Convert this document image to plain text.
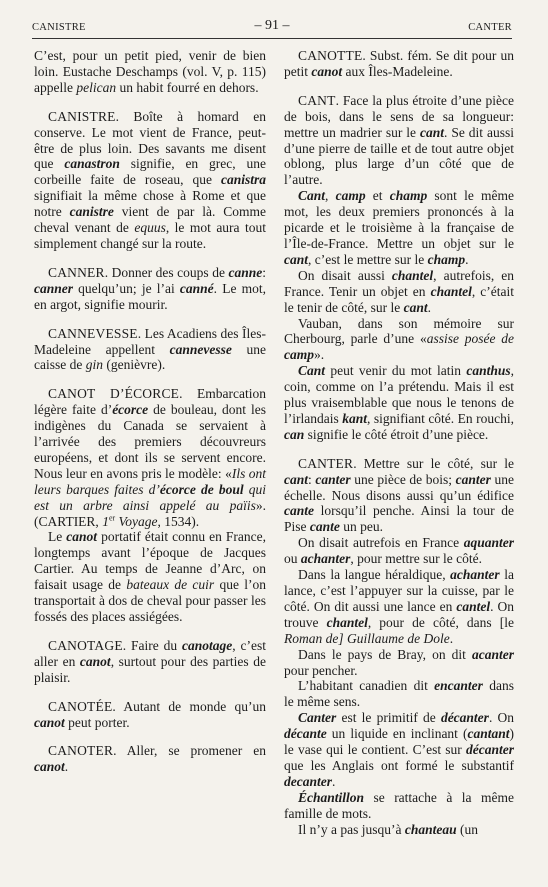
CANISTRE	– 91 –	CANTER

C’est, pour un petit pied, venir de bien loin. Eustache Deschamps (vol. V, p. 115) appelle pelican un habit fourré en dehors.

CANISTRE. Boîte à homard en conserve. Le mot vient de France, peut-être de plus loin. Des savants me disent que canastron signifie, en grec, une corbeille faite de roseau, que canistra signifiait la même chose à Rome et que notre canistre vient de par là. Comme cheval venant de equus, le mot aura tout simplement changé sur la route.

CANNER. Donner des coups de canne: canner quelqu’un; je l’ai canné. Le mot, en argot, signifie mourir.

CANNEVESSE. Les Acadiens des Îles-Madeleine appellent cannevesse une caisse de gin (genièvre).

CANOT D’ÉCORCE. Embarcation légère faite d’écorce de bouleau, dont les indigènes du Canada se servaient à l’arrivée des premiers découvreurs européens, et dont ils se servent encore. Nous leur en avons pris le modèle: «Ils ont leurs barques faites d’écorce de boul qui est un arbre ainsi appelé au païis». (CARTIER, 1er Voyage, 1534).

Le canot portatif était connu en France, longtemps avant l’époque de Jacques Cartier. Au temps de Jeanne d’Arc, on faisait usage de bateaux de cuir que l’on transportait à dos de cheval pour passer les fossés des places assiégées.

CANOTAGE. Faire du canotage, c’est aller en canot, surtout pour des parties de plaisir.

CANOTÉE. Autant de monde qu’un canot peut porter.

CANOTER. Aller, se promener en canot.

CANOTTE. Subst. fém. Se dit pour un petit canot aux Îles-Madeleine.

CANT. Face la plus étroite d’une pièce de bois, dans le sens de sa longueur: mettre un madrier sur le cant. Se dit aussi d’une pierre de taille et de tout autre objet oblong, plus large d’un côté que de l’autre.

Cant, camp et champ sont le même mot, les deux premiers prononcés à la picarde et le troisième à la française de l’Île-de-France. Mettre un objet sur le cant, c’est le mettre sur le champ.

On disait aussi chantel, autrefois, en France. Tenir un objet en chantel, c’était le tenir de côté, sur le cant.

Vauban, dans son mémoire sur Cherbourg, parle d’une «assise posée de camp».

Cant peut venir du mot latin canthus, coin, comme on l’a prétendu. Mais il est plus vraisemblable que nous le tenons de l’irlandais kant, signifiant côté. En rouchi, can signifie le côté étroit d’une pièce.

CANTER. Mettre sur le côté, sur le cant: canter une pièce de bois; canter une échelle. Nous disons aussi qu’un édifice cante lorsqu’il penche. Ainsi la tour de Pise cante un peu.

On disait autrefois en France aquanter ou achanter, pour mettre sur le côté.

Dans la langue héraldique, achanter la lance, c’est l’appuyer sur la cuisse, par le côté. On dit aussi une lance en cantel. On trouve chantel, pour de côté, dans [le Roman de] Guillaume de Dole.

Dans le pays de Bray, on dit acanter pour pencher.

L’habitant canadien dit encanter dans le même sens.

Canter est le primitif de décanter. On décante un liquide en inclinant (cantant) le vase qui le contient. C’est sur décanter que les Anglais ont formé le substantif decanter.

Échantillon se rattache à la même famille de mots.

Il n’y a pas jusqu’à chanteau (un
